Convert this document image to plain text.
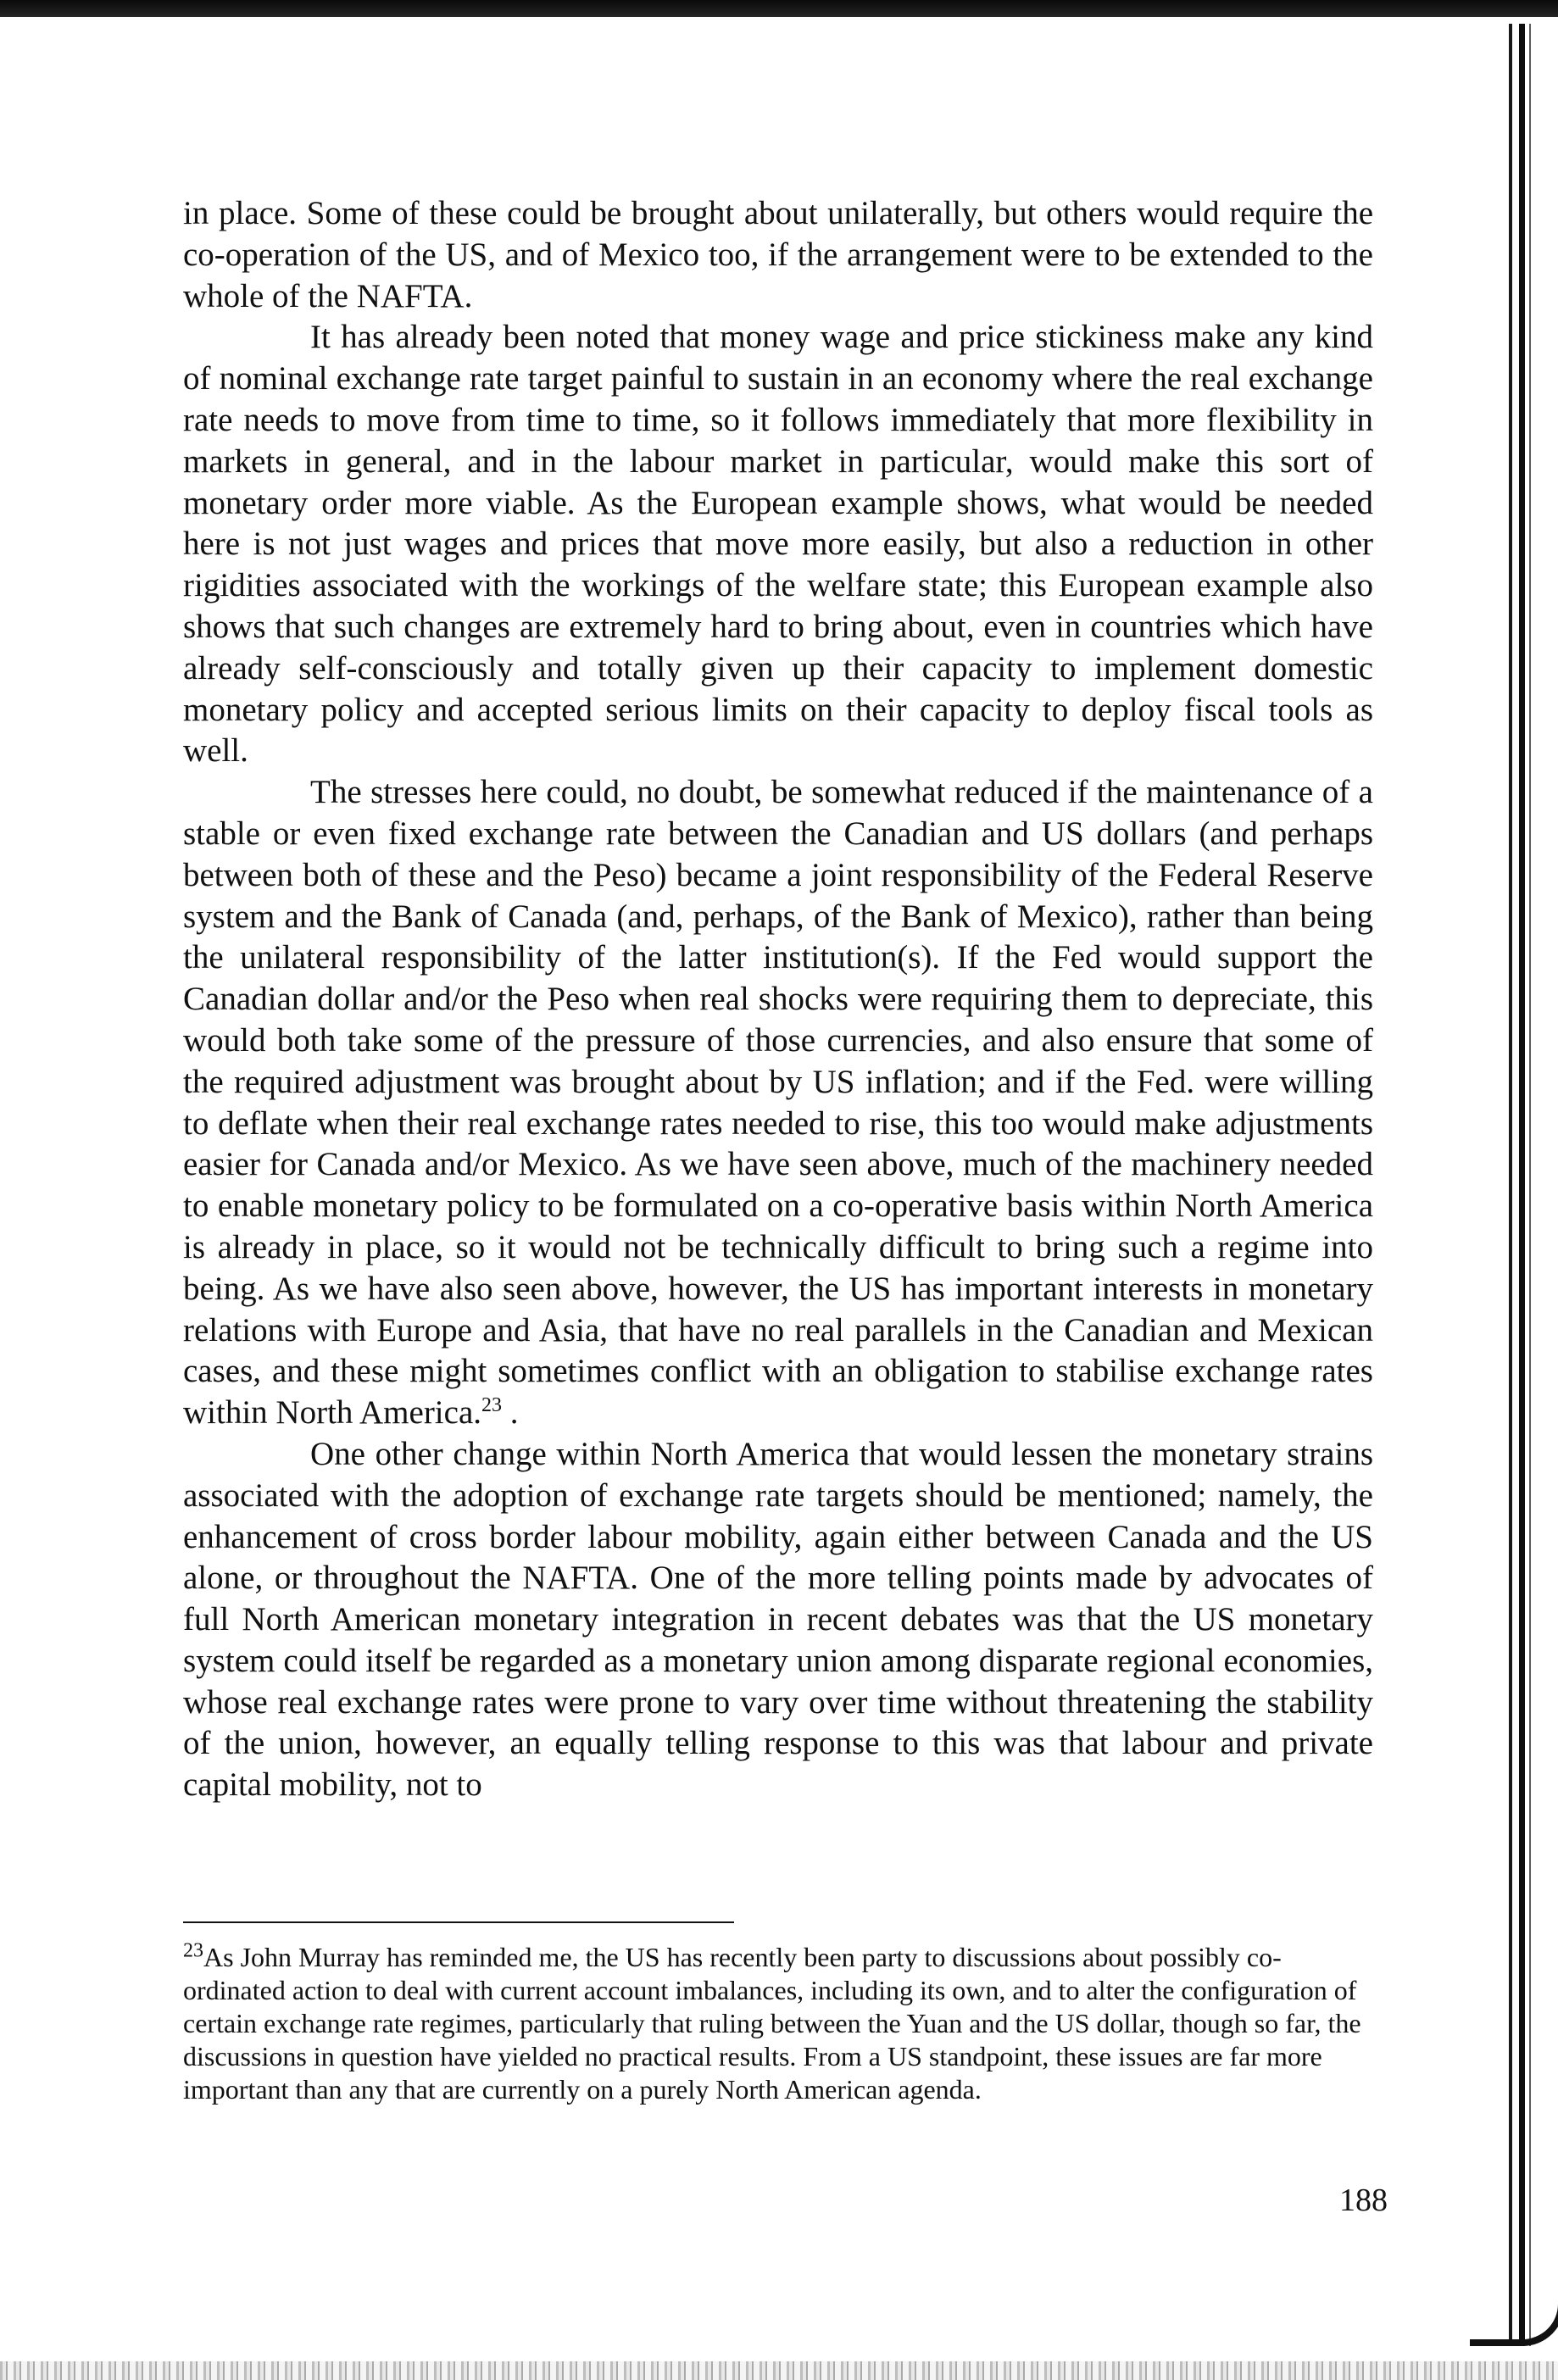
in place. Some of these could be brought about unilaterally, but others would require the co-operation of the US, and of Mexico too, if the arrangement were to be extended to the whole of the NAFTA.

It has already been noted that money wage and price stickiness make any kind of nominal exchange rate target painful to sustain in an economy where the real exchange rate needs to move from time to time, so it follows immediately that more flexibility in markets in general, and in the labour market in particular, would make this sort of monetary order more viable. As the European example shows, what would be needed here is not just wages and prices that move more easily, but also a reduction in other rigidities associated with the workings of the welfare state; this European example also shows that such changes are extremely hard to bring about, even in countries which have already self-consciously and totally given up their capacity to implement domestic monetary policy and accepted serious limits on their capacity to deploy fiscal tools as well.

The stresses here could, no doubt, be somewhat reduced if the maintenance of a stable or even fixed exchange rate between the Canadian and US dollars (and perhaps between both of these and the Peso) became a joint responsibility of the Federal Reserve system and the Bank of Canada (and, perhaps, of the Bank of Mexico), rather than being the unilateral responsibility of the latter institution(s). If the Fed would support the Canadian dollar and/or the Peso when real shocks were requiring them to depreciate, this would both take some of the pressure of those currencies, and also ensure that some of the required adjustment was brought about by US inflation; and if the Fed. were willing to deflate when their real exchange rates needed to rise, this too would make adjustments easier for Canada and/or Mexico. As we have seen above, much of the machinery needed to enable monetary policy to be formulated on a co-operative basis within North America is already in place, so it would not be technically difficult to bring such a regime into being. As we have also seen above, however, the US has important interests in monetary relations with Europe and Asia, that have no real parallels in the Canadian and Mexican cases, and these might sometimes conflict with an obligation to stabilise exchange rates within North America.$^{23}$ .

One other change within North America that would lessen the monetary strains associated with the adoption of exchange rate targets should be mentioned; namely, the enhancement of cross border labour mobility, again either between Canada and the US alone, or throughout the NAFTA. One of the more telling points made by advocates of full North American monetary integration in recent debates was that the US monetary system could itself be regarded as a monetary union among disparate regional economies, whose real exchange rates were prone to vary over time without threatening the stability of the union, however, an equally telling response to this was that labour and private capital mobility, not to

$^{23}$As John Murray has reminded me, the US has recently been party to discussions about possibly co-ordinated action to deal with current account imbalances, including its own, and to alter the configuration of certain exchange rate regimes, particularly that ruling between the Yuan and the US dollar, though so far, the discussions in question have yielded no practical results. From a US standpoint, these issues are far more important than any that are currently on a purely North American agenda.

188
